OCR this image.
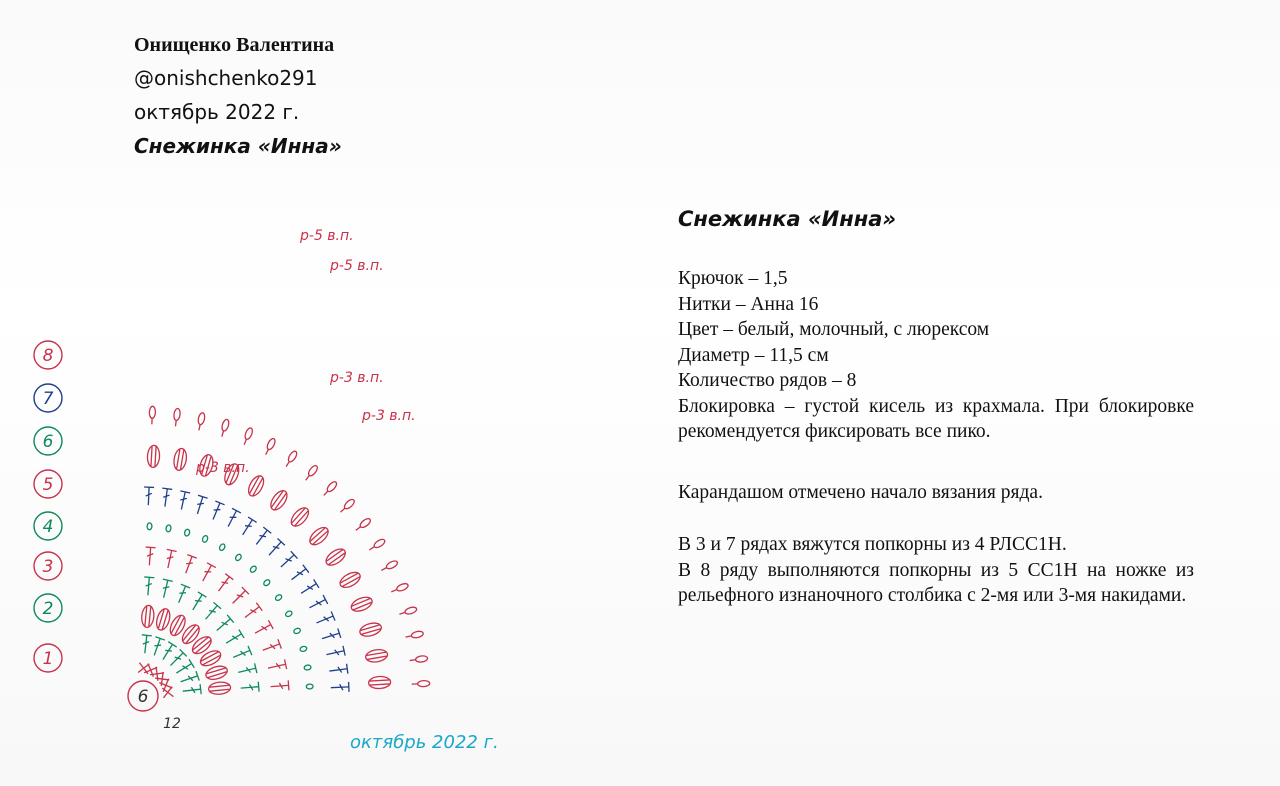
Онищенко Валентина
@onishchenko291
октябрь 2022 г.
Снежинка «Инна»
Снежинка «Инна»

Крючок – 1,5

Нитки – Анна 16

Цвет – белый, молочный, с люрексом

Диаметр – 11,5 см

Количество рядов – 8

Блокировка – густой кисель из крахмала. При блокировке рекомендуется фиксировать все пико.

Карандашом отмечено начало вязания ряда.

В 3 и 7 рядах вяжутся попкорны из 4 РЛСС1Н.

В 8 ряду выполняются попкорны из 5 СС1Н на ножке из рельефного изнаночного столбика с 2-мя или 3-мя накидами.

8
7
6
5
4
3
2
1
6
12
р-5 в.п.
р-5 в.п.
р-3 в.п.
р-3 в.п.
р-3 в.п.
октябрь 2022 г.
